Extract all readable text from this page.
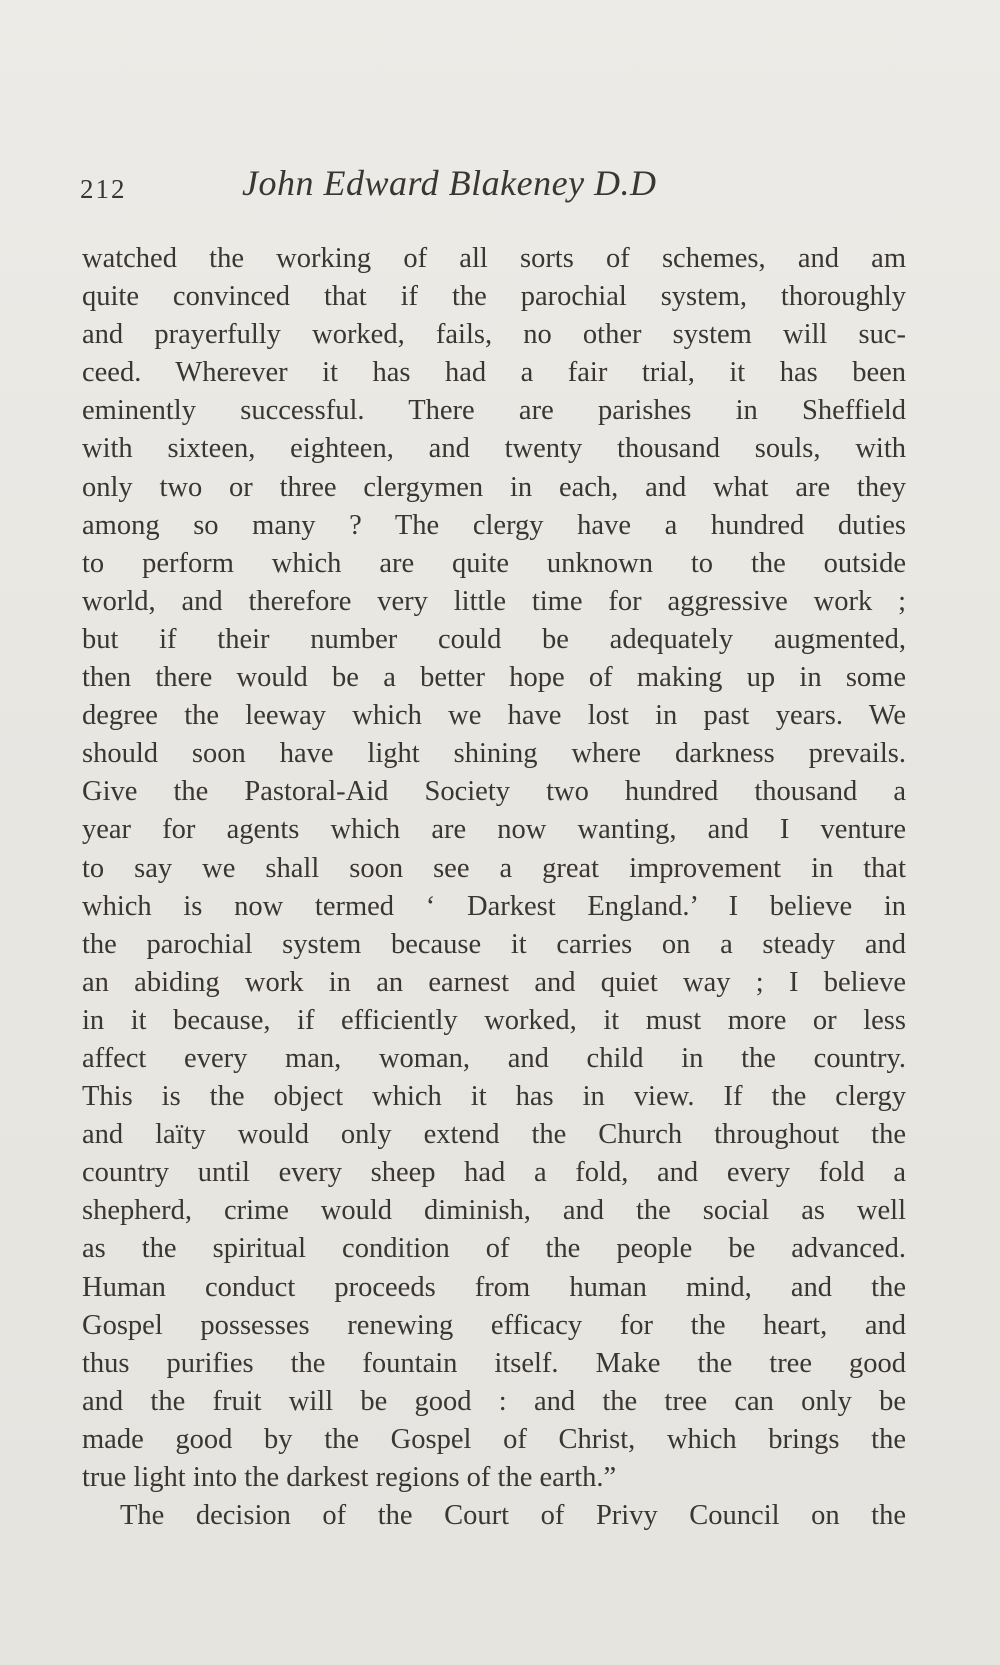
212	John Edward Blakeney D.D
watched the working of all sorts of schemes, and am
quite convinced that if the parochial system, thoroughly
and prayerfully worked, fails, no other system will suc-
ceed. Wherever it has had a fair trial, it has been
eminently successful. There are parishes in Sheffield
with sixteen, eighteen, and twenty thousand souls, with
only two or three clergymen in each, and what are they
among so many ? The clergy have a hundred duties
to perform which are quite unknown to the outside
world, and therefore very little time for aggressive work ;
but if their number could be adequately augmented,
then there would be a better hope of making up in some
degree the leeway which we have lost in past years. We
should soon have light shining where darkness prevails.
Give the Pastoral-Aid Society two hundred thousand a
year for agents which are now wanting, and I venture
to say we shall soon see a great improvement in that
which is now termed ‘ Darkest England.’ I believe in
the parochial system because it carries on a steady and
an abiding work in an earnest and quiet way ; I believe
in it because, if efficiently worked, it must more or less
affect every man, woman, and child in the country.
This is the object which it has in view. If the clergy
and laïty would only extend the Church throughout the
country until every sheep had a fold, and every fold a
shepherd, crime would diminish, and the social as well
as the spiritual condition of the people be advanced.
Human conduct proceeds from human mind, and the
Gospel possesses renewing efficacy for the heart, and
thus purifies the fountain itself. Make the tree good
and the fruit will be good : and the tree can only be
made good by the Gospel of Christ, which brings the
true light into the darkest regions of the earth.”
The decision of the Court of Privy Council on the
